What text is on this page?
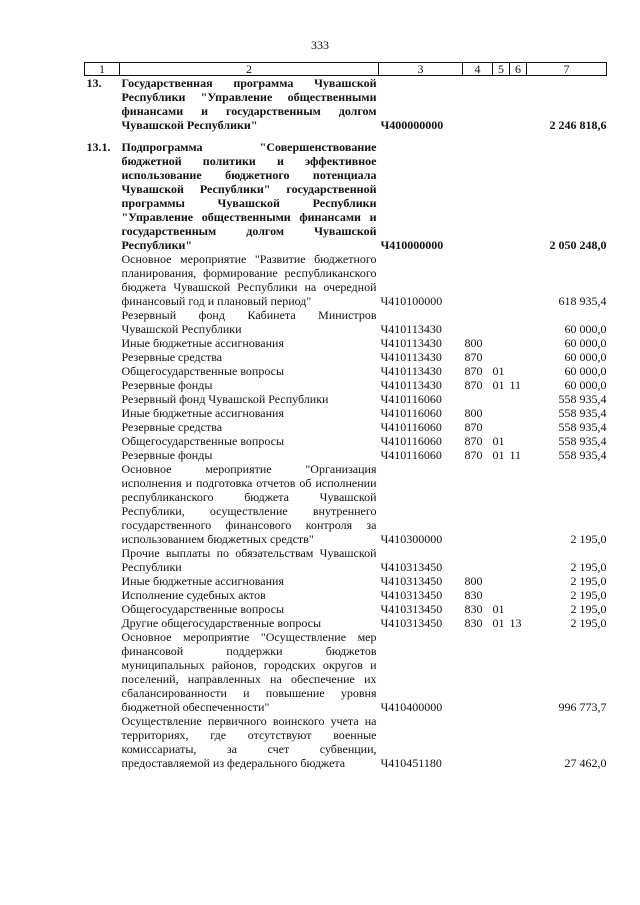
333
1	2	3	4	5	6	7
13.	Государственная программа Чувашской Республики "Управление общественными финансами и государственным долгом Чувашской Республики"	Ч400000000				2 246 818,6
13.1.	Подпрограмма "Совершенствование бюджетной политики и эффективное использование бюджетного потенциала Чувашской Республики" государственной программы Чувашской Республики "Управление общественными финансами и государственным долгом Чувашской Республики"	Ч410000000				2 050 248,0
	Основное мероприятие "Развитие бюджетного планирования, формирование республиканского бюджета Чувашской Республики на очередной финансовый год и плановый период"	Ч410100000				618 935,4
	Резервный фонд Кабинета Министров Чувашской Республики	Ч410113430				60 000,0
	Иные бюджетные ассигнования	Ч410113430	800			60 000,0
	Резервные средства	Ч410113430	870			60 000,0
	Общегосударственные вопросы	Ч410113430	870	01		60 000,0
	Резервные фонды	Ч410113430	870	01	11	60 000,0
	Резервный фонд Чувашской Республики	Ч410116060				558 935,4
	Иные бюджетные ассигнования	Ч410116060	800			558 935,4
	Резервные средства	Ч410116060	870			558 935,4
	Общегосударственные вопросы	Ч410116060	870	01		558 935,4
	Резервные фонды	Ч410116060	870	01	11	558 935,4
	Основное мероприятие "Организация исполнения и подготовка отчетов об исполнении республиканского бюджета Чувашской Республики, осуществление внутреннего государственного финансового контроля за использованием бюджетных средств"	Ч410300000				2 195,0
	Прочие выплаты по обязательствам Чувашской Республики	Ч410313450				2 195,0
	Иные бюджетные ассигнования	Ч410313450	800			2 195,0
	Исполнение судебных актов	Ч410313450	830			2 195,0
	Общегосударственные вопросы	Ч410313450	830	01		2 195,0
	Другие общегосударственные вопросы	Ч410313450	830	01	13	2 195,0
	Основное мероприятие "Осуществление мер финансовой поддержки бюджетов муниципальных районов, городских округов и поселений, направленных на обеспечение их сбалансированности и повышение уровня бюджетной обеспеченности"	Ч410400000				996 773,7
	Осуществление первичного воинского учета на территориях, где отсутствуют военные комиссариаты, за счет субвенции, предоставляемой из федерального бюджета	Ч410451180				27 462,0
